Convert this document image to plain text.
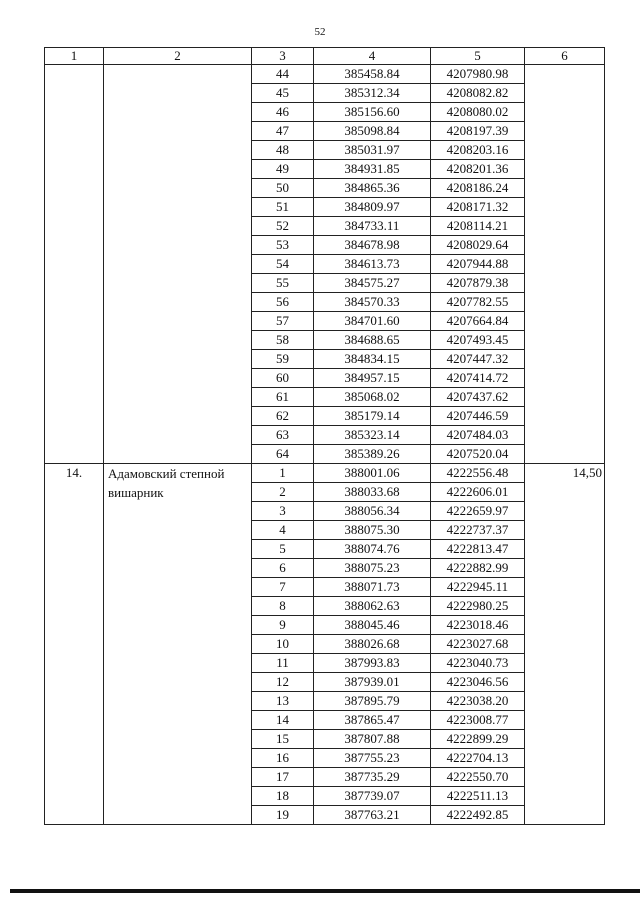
52
1	2	3	4	5	6
		44	385458.84	4207980.98	
		45	385312.34	4208082.82	
		46	385156.60	4208080.02	
		47	385098.84	4208197.39	
		48	385031.97	4208203.16	
		49	384931.85	4208201.36	
		50	384865.36	4208186.24	
		51	384809.97	4208171.32	
		52	384733.11	4208114.21	
		53	384678.98	4208029.64	
		54	384613.73	4207944.88	
		55	384575.27	4207879.38	
		56	384570.33	4207782.55	
		57	384701.60	4207664.84	
		58	384688.65	4207493.45	
		59	384834.15	4207447.32	
		60	384957.15	4207414.72	
		61	385068.02	4207437.62	
		62	385179.14	4207446.59	
		63	385323.14	4207484.03	
		64	385389.26	4207520.04	
14.	Адамовский степной вишарник	1	388001.06	4222556.48	14,50
		2	388033.68	4222606.01	
		3	388056.34	4222659.97	
		4	388075.30	4222737.37	
		5	388074.76	4222813.47	
		6	388075.23	4222882.99	
		7	388071.73	4222945.11	
		8	388062.63	4222980.25	
		9	388045.46	4223018.46	
		10	388026.68	4223027.68	
		11	387993.83	4223040.73	
		12	387939.01	4223046.56	
		13	387895.79	4223038.20	
		14	387865.47	4223008.77	
		15	387807.88	4222899.29	
		16	387755.23	4222704.13	
		17	387735.29	4222550.70	
		18	387739.07	4222511.13	
		19	387763.21	4222492.85	
